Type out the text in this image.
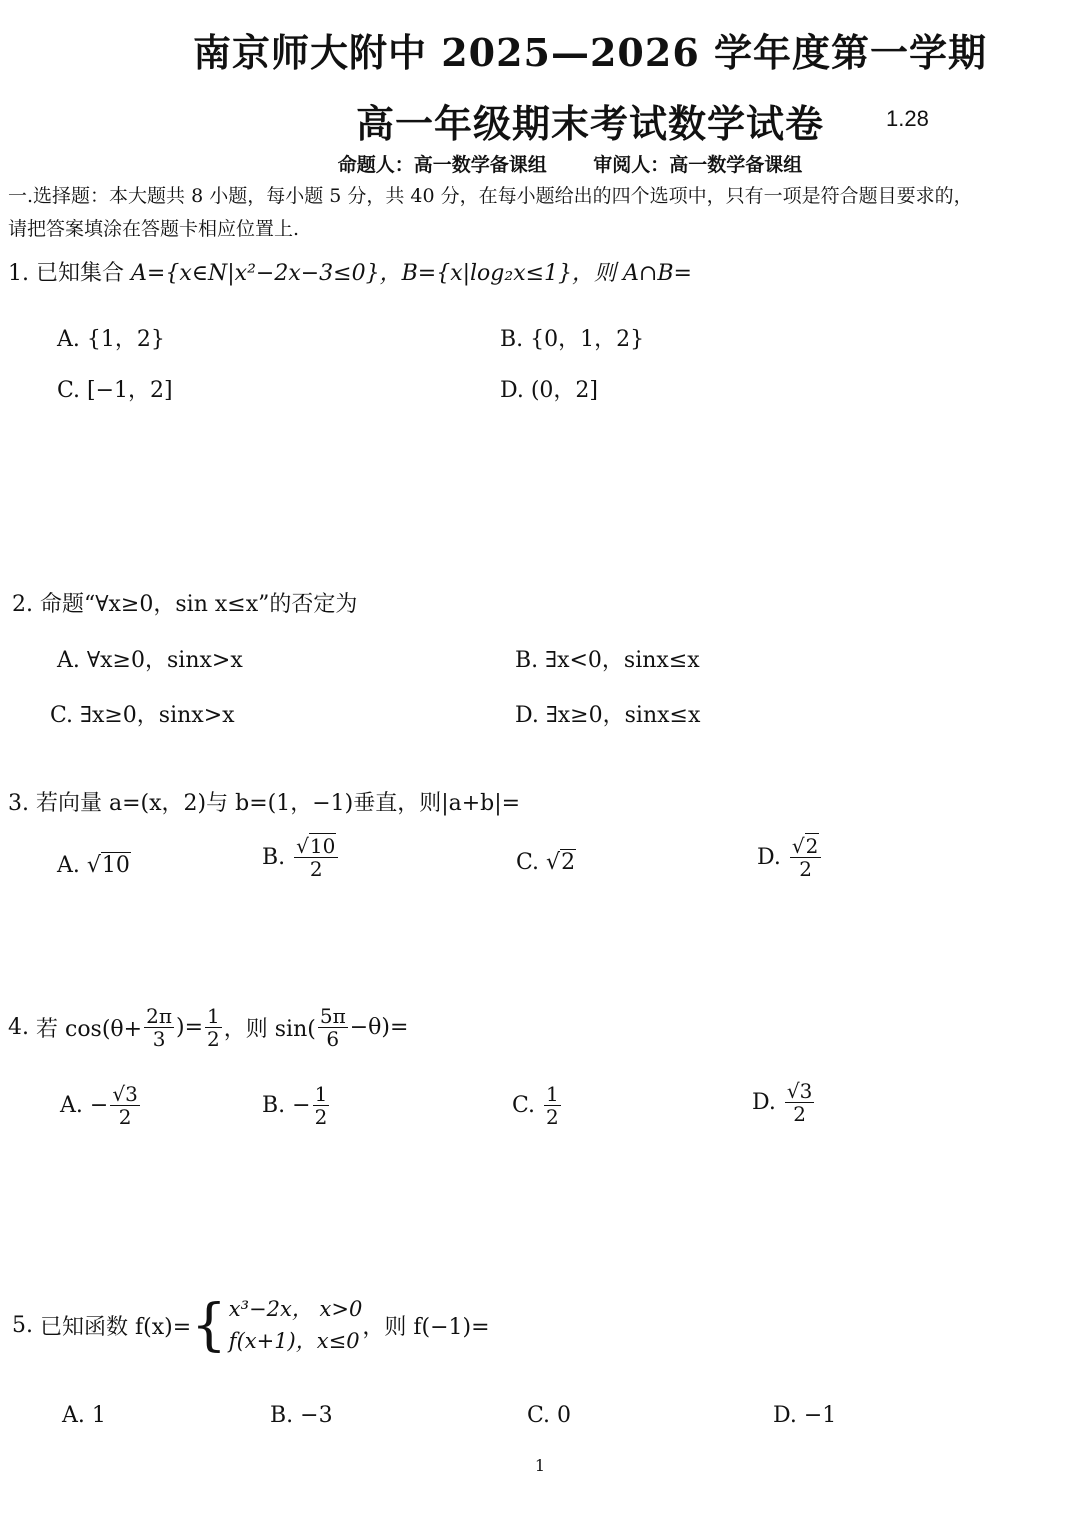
南京师大附中 2025—2026 学年度第一学期
高一年级期末考试数学试卷	1.28
命题人：高一数学备课组 审阅人：高一数学备课组
一.选择题：本大题共 8 小题，每小题 5 分，共 40 分，在每小题给出的四个选项中，只有一项是符合题目要求的，
请把答案填涂在答题卡相应位置上.
1. 已知集合 A={x∈N|x²−2x−3≤0}，B={x|log₂x≤1}，则 A∩B=
A. {1，2}	B. {0，1，2}
C. [−1，2]	D. (0，2]
2. 命题“∀x≥0，sin x≤x”的否定为
A. ∀x≥0，sinx>x	B. ∃x<0，sinx≤x
C. ∃x≥0，sinx>x	D. ∃x≥0，sinx≤x
3. 若向量 a=(x，2)与 b=(1，−1)垂直，则|a+b|=
A. √10	B. $\frac{√10}{2}$	C. √2	D. $\frac{√2}{2}$
4. 若 $\cos(\theta+ \frac{2\pi}{3}$ )= $\frac{1}{2}$ ，则 $\sin( \frac{5\pi}{6} -\theta)=$
A. − $\frac{√3}{2}$	B. − $\frac{1}{2}$	C. $\frac{1}{2}$	D. $\frac{√3}{2}$
5. 已知函数 f(x)= { x³−2x， x>0
f(x+1)，x≤0
，则 f(−1)=
A. 1	B. −3	C. 0	D. −1
1
